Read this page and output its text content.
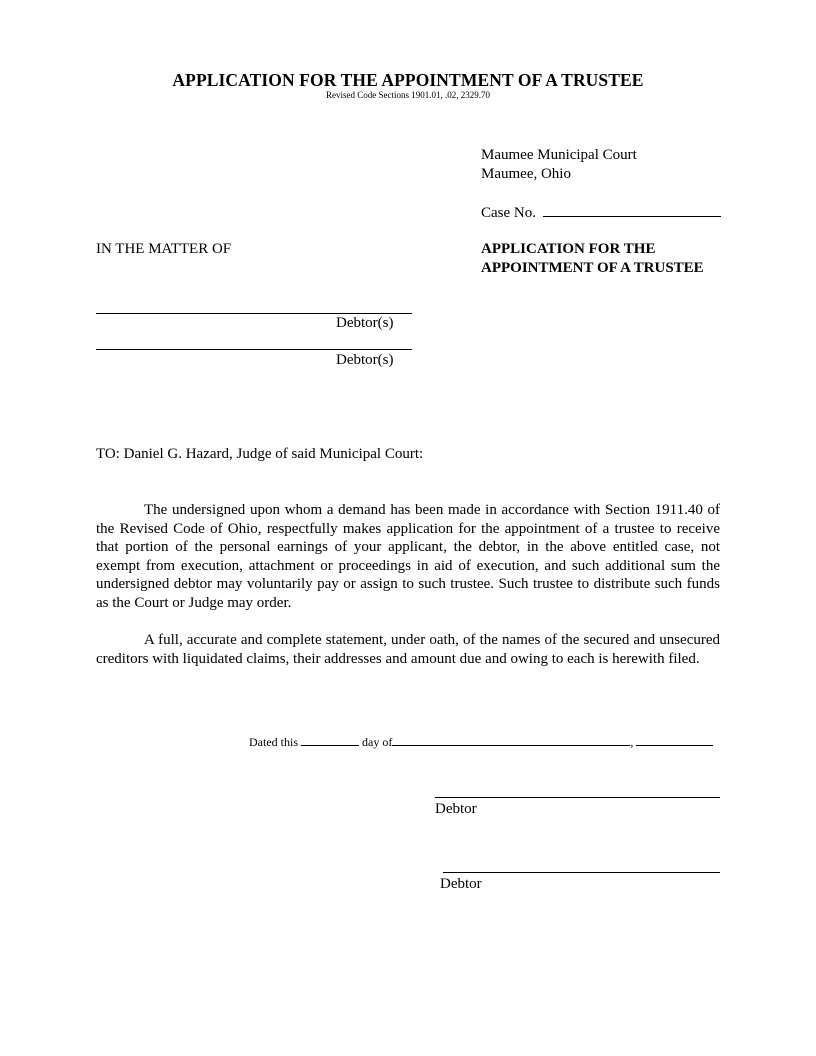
APPLICATION FOR THE APPOINTMENT OF A TRUSTEE
Revised Code Sections 1901.01, .02, 2329.70
Maumee Municipal Court
Maumee, Ohio
Case No.
IN THE MATTER OF	APPLICATION FOR THE
APPOINTMENT OF A TRUSTEE
Debtor(s)
Debtor(s)
TO: Daniel G. Hazard, Judge of said Municipal Court:

The undersigned upon whom a demand has been made in accordance with Section 1911.40 of the Revised Code of Ohio, respectfully makes application for the appointment of a trustee to receive that portion of the personal earnings of your applicant, the debtor, in the above entitled case, not exempt from execution, attachment or proceedings in aid of execution, and such additional sum the undersigned debtor may voluntarily pay or assign to such trustee. Such trustee to distribute such funds as the Court or Judge may order.

A full, accurate and complete statement, under oath, of the names of the secured and unsecured creditors with liquidated claims, their addresses and amount due and owing to each is herewith filed.

Dated this	day of	,
Debtor
Debtor
